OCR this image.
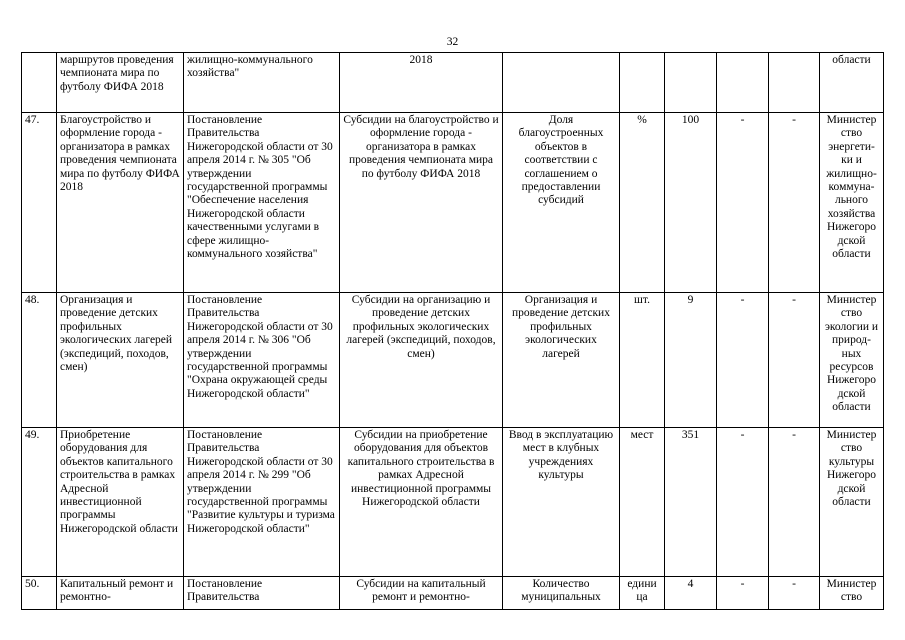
32
	маршрутов проведения чемпионата мира по футболу ФИФА 2018	жилищно-коммунального хозяйства"	2018						области
47.	Благоустройство и оформление города - организатора в рамках проведения чемпионата мира по футболу ФИФА 2018	Постановление Правительства Нижегородской области от 30 апреля 2014 г. № 305 "Об утверждении государственной программы "Обеспечение населения Нижегородской области качественными услугами в сфере жилищно-коммунального хозяйства"	Субсидии на благоустройство и оформление города - организатора в рамках проведения чемпионата мира по футболу ФИФА 2018	Доля благоустроенных объектов в соответствии с соглашением о предоставлении субсидий	%	100	-	-	Министер ство энергети- ки и жилищно- коммуна- льного хозяйства Нижегоро дской области
48.	Организация и проведение детских профильных экологических лагерей (экспедиций, походов, смен)	Постановление Правительства Нижегородской области от 30 апреля 2014 г. № 306 "Об утверждении государственной программы "Охрана окружающей среды Нижегородской области"	Субсидии на организацию и проведение детских профильных экологических лагерей (экспедиций, походов, смен)	Организация и проведение детских профильных экологических лагерей	шт.	9	-	-	Министер ство экологии и природ- ных ресурсов Нижегоро дской области
49.	Приобретение оборудования для объектов капитального строительства в рамках Адресной инвестиционной программы Нижегородской области	Постановление Правительства Нижегородской области от 30 апреля 2014 г. № 299 "Об утверждении государственной программы "Развитие культуры и туризма Нижегородской области"	Субсидии на приобретение оборудования для объектов капитального строительства в рамках Адресной инвестиционной программы Нижегородской области	Ввод в эксплуатацию мест в клубных учреждениях культуры	мест	351	-	-	Министер ство культуры Нижегоро дской области
50.	Капитальный ремонт и ремонтно-	Постановление Правительства	Субсидии на капитальный ремонт и ремонтно-	Количество муниципальных	едини ца	4	-	-	Министер ство
